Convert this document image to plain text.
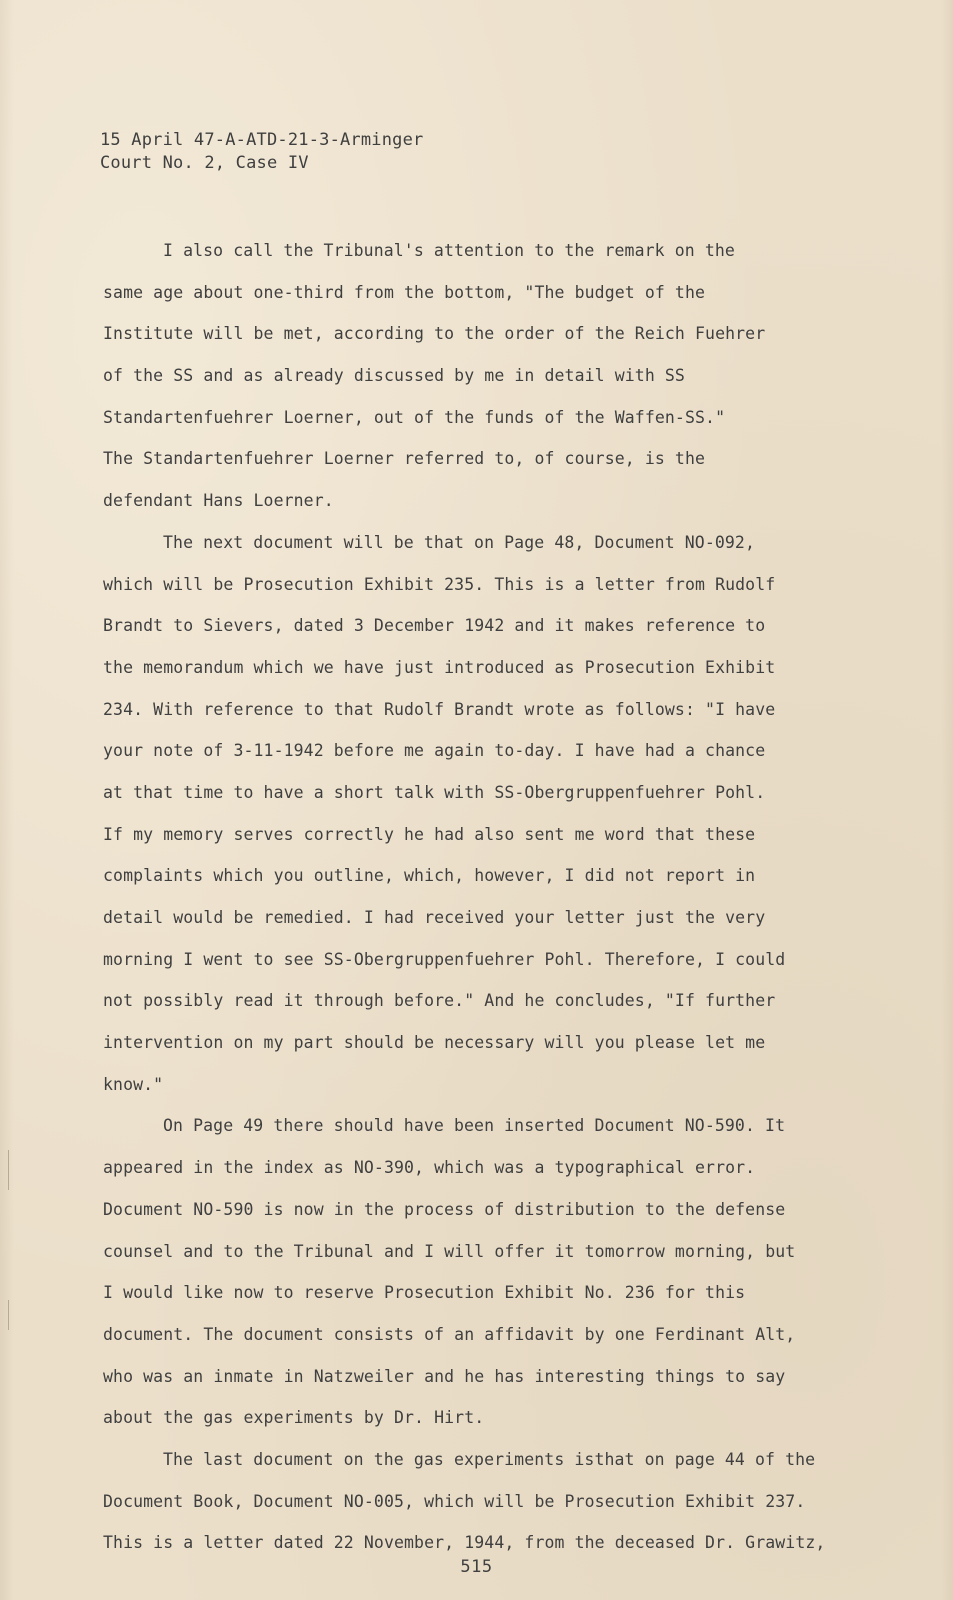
15 April 47-A-ATD-21-3-Arminger
Court No. 2, Case IV
I also call the Tribunal's attention to the remark on the
same age about one-third from the bottom, "The budget of the
Institute will be met, according to the order of the Reich Fuehrer
of the SS and as already discussed by me in detail with SS
Standartenfuehrer Loerner, out of the funds of the Waffen-SS."
The Standartenfuehrer Loerner referred to, of course, is the
defendant Hans Loerner.
The next document will be that on Page 48, Document NO-092,
which will be Prosecution Exhibit 235. This is a letter from Rudolf
Brandt to Sievers, dated 3 December 1942 and it makes reference to
the memorandum which we have just introduced as Prosecution Exhibit
234. With reference to that Rudolf Brandt wrote as follows: "I have
your note of 3-11-1942 before me again to-day. I have had a chance
at that time to have a short talk with SS-Obergruppenfuehrer Pohl.
If my memory serves correctly he had also sent me word that these
complaints which you outline, which, however, I did not report in
detail would be remedied. I had received your letter just the very
morning I went to see SS-Obergruppenfuehrer Pohl. Therefore, I could
not possibly read it through before." And he concludes, "If further
intervention on my part should be necessary will you please let me
know."
On Page 49 there should have been inserted Document NO-590. It
appeared in the index as NO-390, which was a typographical error.
Document NO-590 is now in the process of distribution to the defense
counsel and to the Tribunal and I will offer it tomorrow morning, but
I would like now to reserve Prosecution Exhibit No. 236 for this
document. The document consists of an affidavit by one Ferdinant Alt,
who was an inmate in Natzweiler and he has interesting things to say
about the gas experiments by Dr. Hirt.
The last document on the gas experiments isthat on page 44 of the
Document Book, Document NO-005, which will be Prosecution Exhibit 237.
This is a letter dated 22 November, 1944, from the deceased Dr. Grawitz,
515
